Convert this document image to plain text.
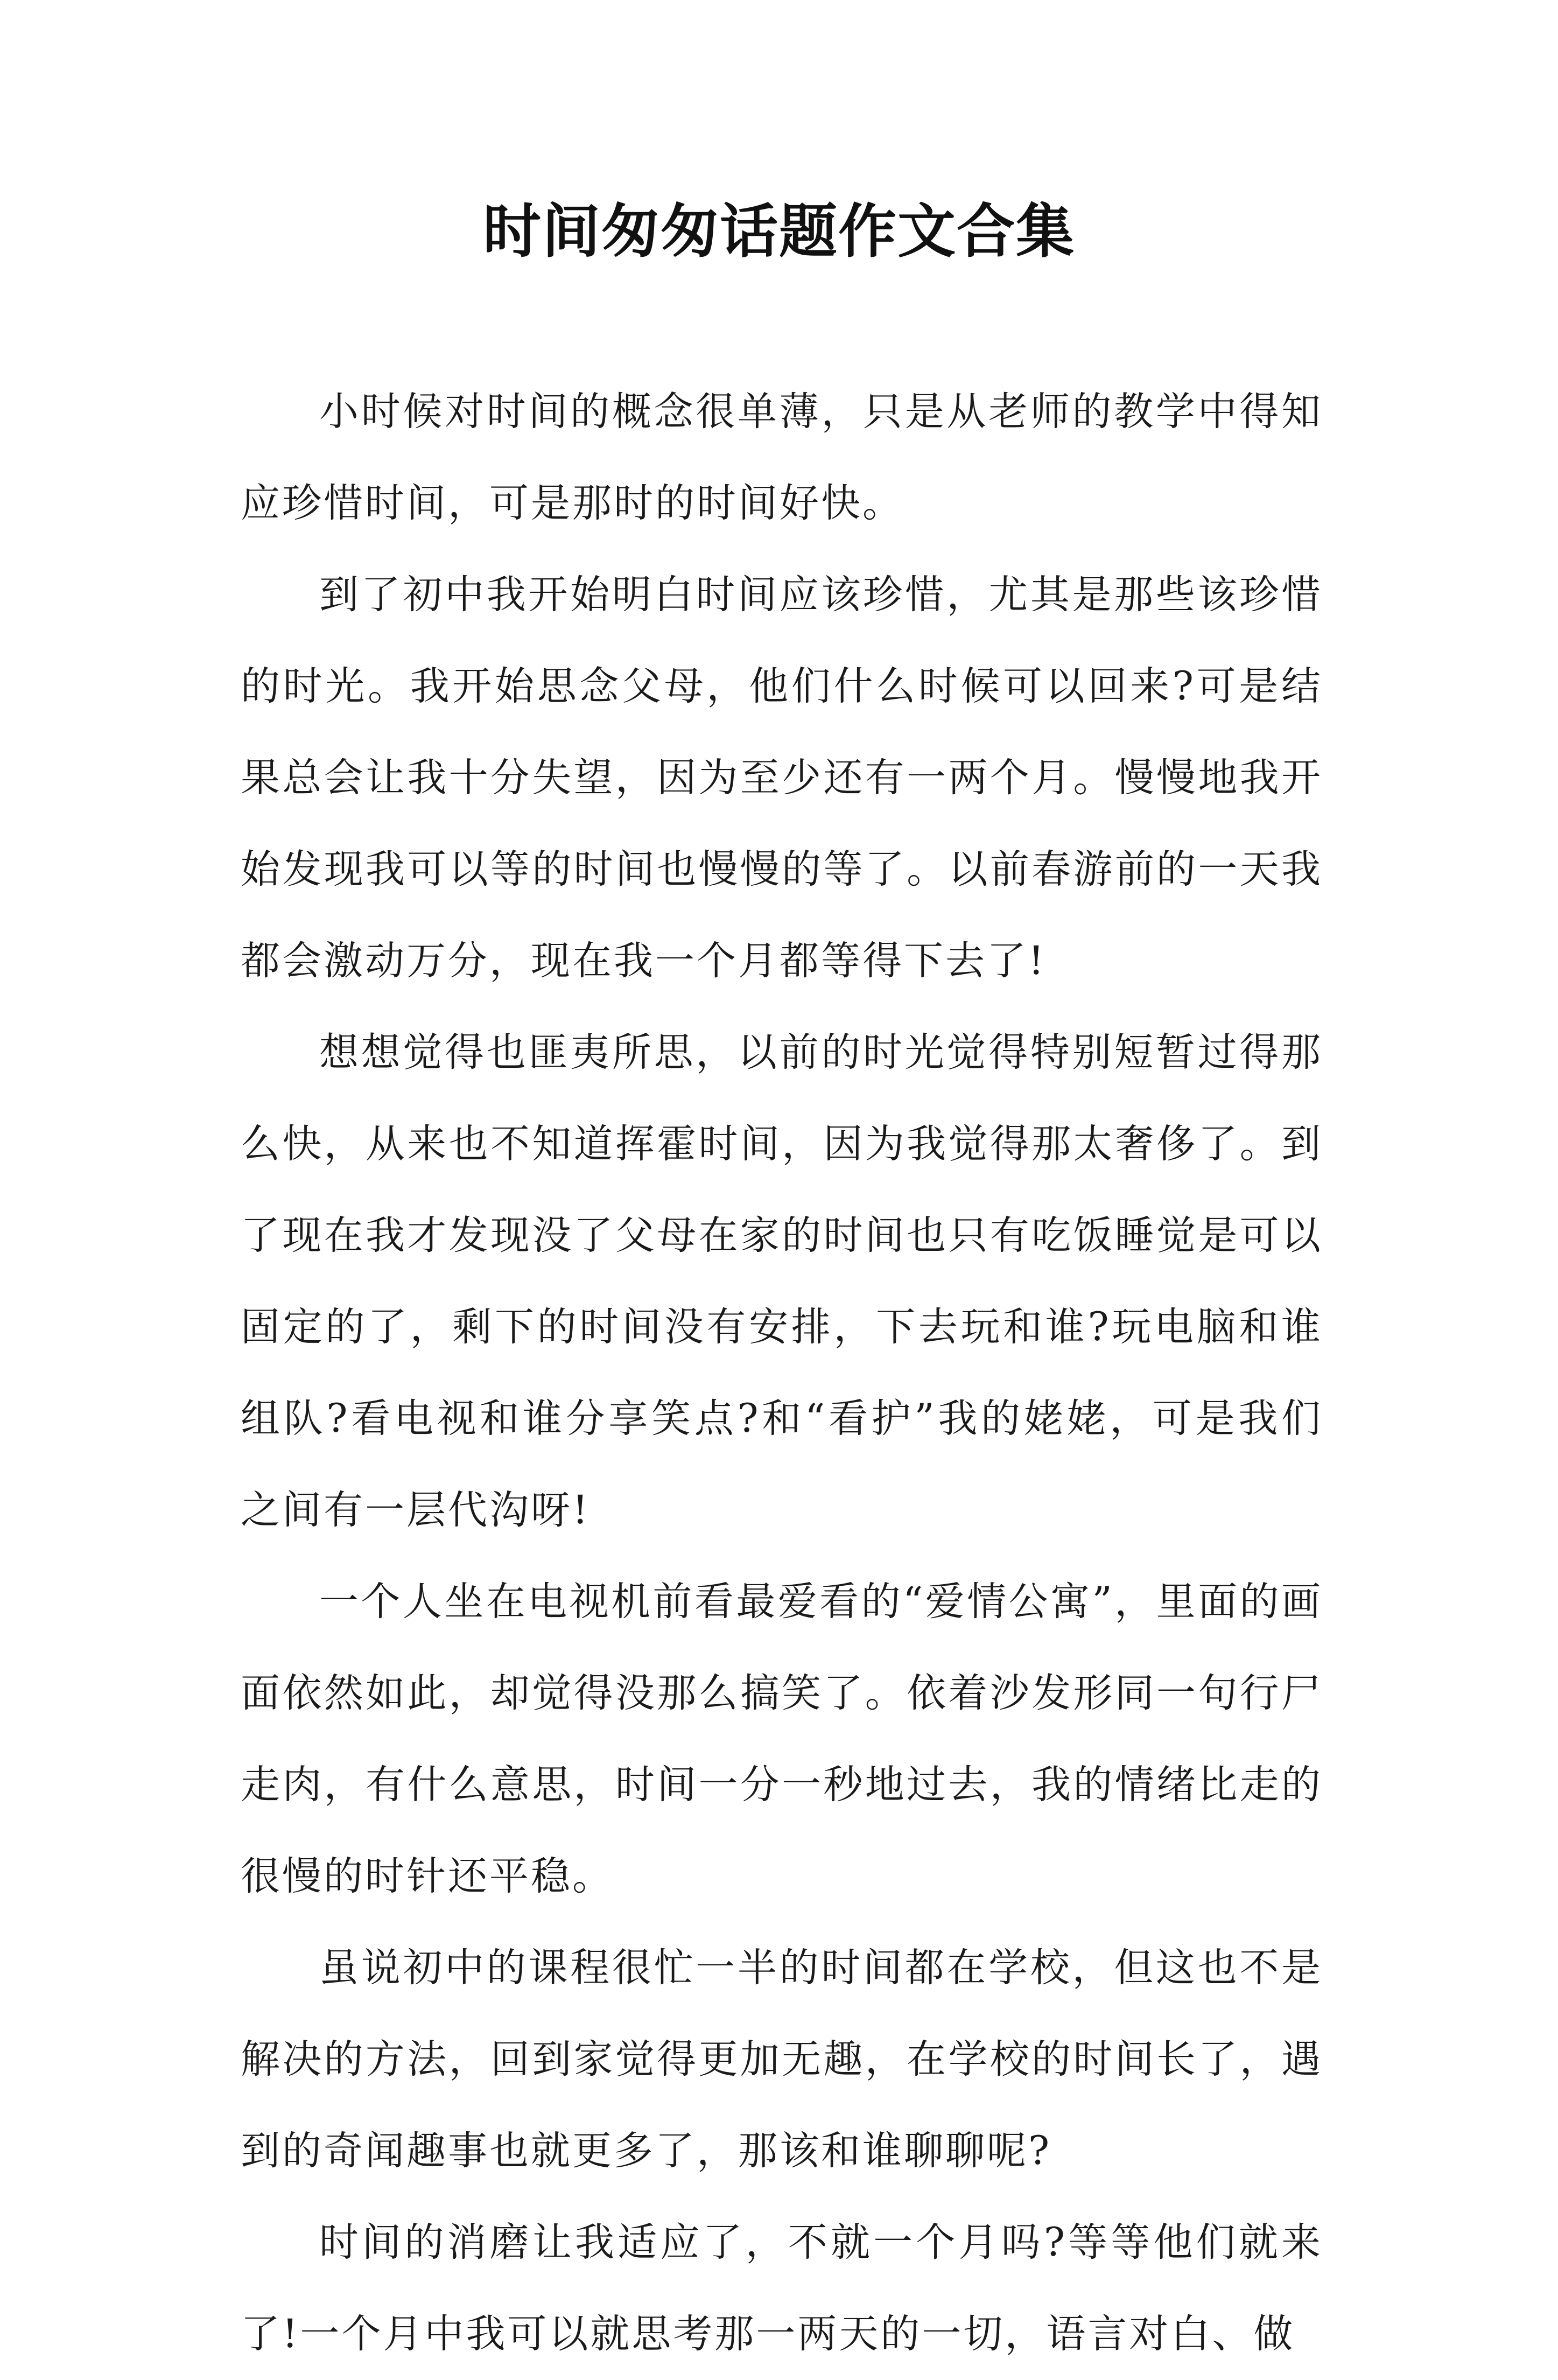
时间匆匆话题作文合集

小时候对时间的概念很单薄，只是从老师的教学中得知应珍惜时间，可是那时的时间好快。

到了初中我开始明白时间应该珍惜，尤其是那些该珍惜的时光。我开始思念父母，他们什么时候可以回来?可是结果总会让我十分失望，因为至少还有一两个月。慢慢地我开始发现我可以等的时间也慢慢的等了。以前春游前的一天我都会激动万分，现在我一个月都等得下去了!

想想觉得也匪夷所思，以前的时光觉得特别短暂过得那么快，从来也不知道挥霍时间，因为我觉得那太奢侈了。到了现在我才发现没了父母在家的时间也只有吃饭睡觉是可以固定的了，剩下的时间没有安排，下去玩和谁?玩电脑和谁组队?看电视和谁分享笑点?和“看护”我的姥姥，可是我们之间有一层代沟呀!

一个人坐在电视机前看最爱看的“爱情公寓”，里面的画面依然如此，却觉得没那么搞笑了。依着沙发形同一句行尸走肉，有什么意思，时间一分一秒地过去，我的情绪比走的很慢的时针还平稳。

虽说初中的课程很忙一半的时间都在学校，但这也不是解决的方法，回到家觉得更加无趣，在学校的时间长了，遇到的奇闻趣事也就更多了，那该和谁聊聊呢?

时间的消磨让我适应了，不就一个月吗?等等他们就来了!一个月中我可以就思考那一两天的一切，语言对白、做
